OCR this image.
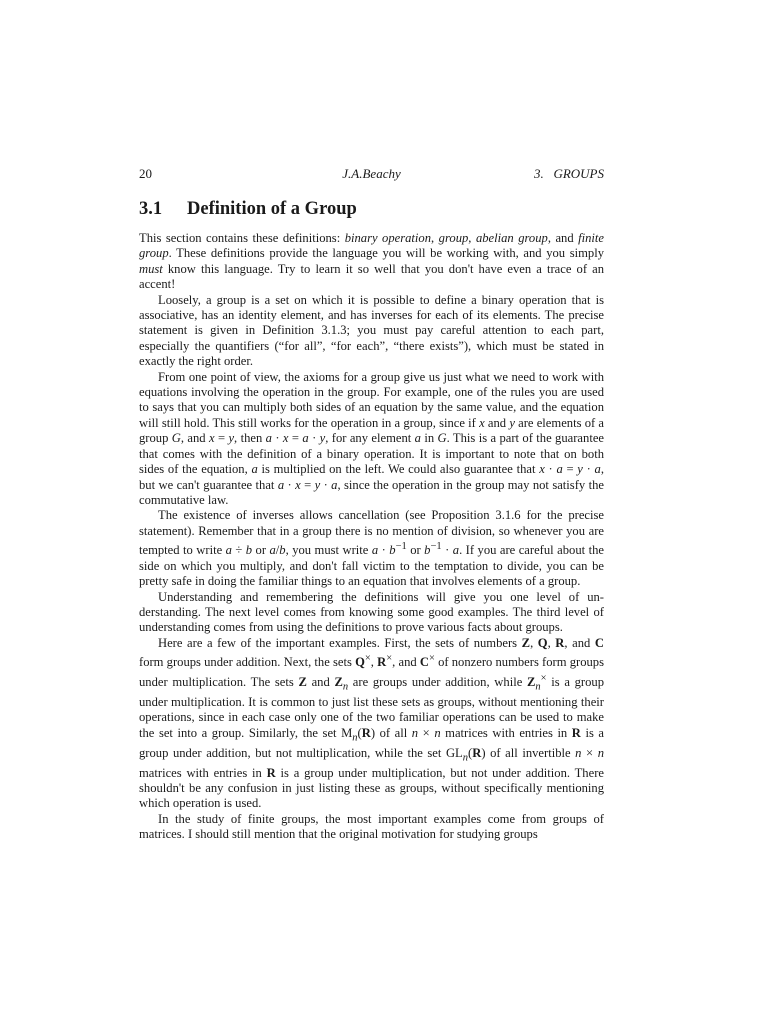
20	J.A.Beachy	3.   GROUPS
3.1 Definition of a Group

This section contains these definitions: binary operation, group, abelian group, and finite group. These definitions provide the language you will be working with, and you simply must know this language. Try to learn it so well that you don't have even a trace of an accent!

Loosely, a group is a set on which it is possible to define a binary operation that is associative, has an identity element, and has inverses for each of its elements. The precise statement is given in Definition 3.1.3; you must pay careful attention to each part, especially the quantifiers (“for all”, “for each”, “there exists”), which must be stated in exactly the right order.

From one point of view, the axioms for a group give us just what we need to work with equations involving the operation in the group. For example, one of the rules you are used to says that you can multiply both sides of an equation by the same value, and the equation will still hold. This still works for the operation in a group, since if x and y are elements of a group G, and x = y, then a · x = a · y, for any element a in G. This is a part of the guarantee that comes with the definition of a binary operation. It is important to note that on both sides of the equation, a is multiplied on the left. We could also guarantee that x · a = y · a, but we can't guarantee that a · x = y · a, since the operation in the group may not satisfy the commutative law.

The existence of inverses allows cancellation (see Proposition 3.1.6 for the precise statement). Remember that in a group there is no mention of division, so whenever you are tempted to write a ÷ b or a/b, you must write $a \cdot b^{-1}$ or $b^{-1} \cdot a$. If you are careful about the side on which you multiply, and don't fall victim to the temptation to divide, you can be pretty safe in doing the familiar things to an equation that involves elements of a group.

Understanding and remembering the definitions will give you one level of un-derstanding. The next level comes from knowing some good examples. The third level of understanding comes from using the definitions to prove various facts about groups.

Here are a few of the important examples. First, the sets of numbers Z, Q, R, and C form groups under addition. Next, the sets Q×, R×, and C× of nonzero numbers form groups under multiplication. The sets Z and $Z_n$ are groups under addition, while $Z_n^\times$ is a group under multiplication. It is common to just list these sets as groups, without mentioning their operations, since in each case only one of the two familiar operations can be used to make the set into a group. Similarly, the set $M_n(R)$ of all n × n matrices with entries in R is a group under addition, but not multiplication, while the set $GL_n(R)$ of all invertible n × n matrices with entries in R is a group under multiplication, but not under addition. There shouldn't be any confusion in just listing these as groups, without specifically mentioning which operation is used.

In the study of finite groups, the most important examples come from groups of matrices. I should still mention that the original motivation for studying groups
